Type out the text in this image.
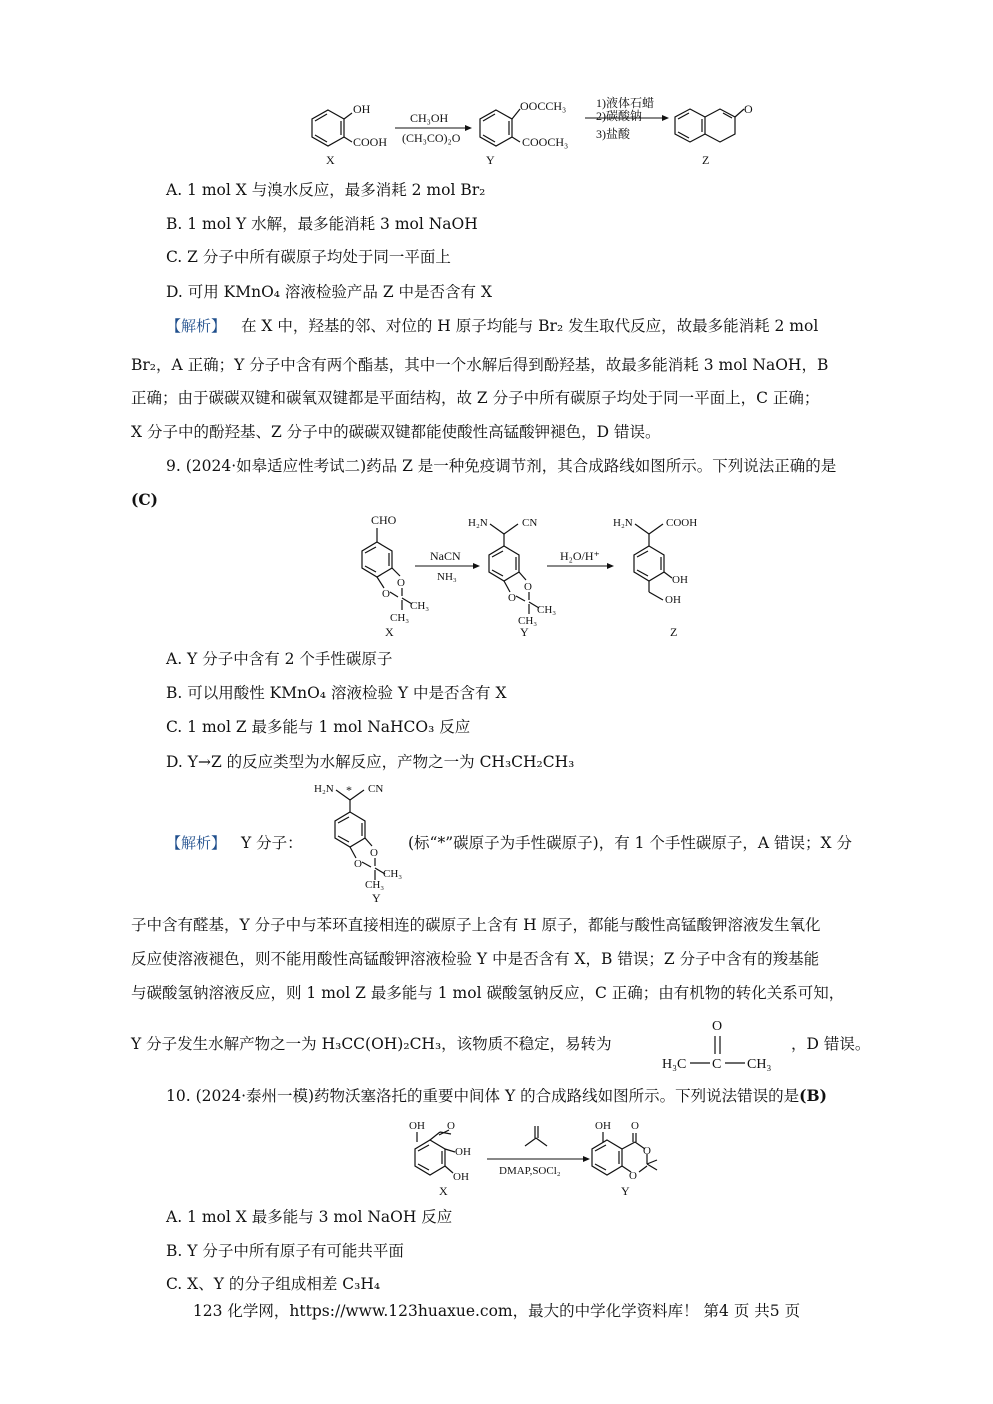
OH
COOH
X
CH₃OH
(CH₃CO)₂O
OOCCH₃
COOCH₃
Y
1)液体石蜡
2)碳酸钠
3)盐酸
O
Z
A. 1 mol X 与溴水反应，最多消耗 2 mol Br₂
B. 1 mol Y 水解，最多能消耗 3 mol NaOH
C. Z 分子中所有碳原子均处于同一平面上
D. 可用 KMnO₄ 溶液检验产品 Z 中是否含有 X
【解析】 在 X 中，羟基的邻、对位的 H 原子均能与 Br₂ 发生取代反应，故最多能消耗 2 mol
Br₂，A 正确；Y 分子中含有两个酯基，其中一个水解后得到酚羟基，故最多能消耗 3 mol NaOH，B
正确；由于碳碳双键和碳氧双键都是平面结构，故 Z 分子中所有碳原子均处于同一平面上，C 正确；
X 分子中的酚羟基、Z 分子中的碳碳双键都能使酸性高锰酸钾褪色，D 错误。
9. (2024·如皋适应性考试二)药品 Z 是一种免疫调节剂，其合成路线如图所示。下列说法正确的是
(C)
CHO
O
O
CH₃
CH₃
X
NaCN
NH₃
H₂N	CN
O
O
CH₃
CH₃
Y
H₂O/H⁺
H₂N	COOH
OH
OH
Z
A. Y 分子中含有 2 个手性碳原子
B. 可以用酸性 KMnO₄ 溶液检验 Y 中是否含有 X
C. 1 mol Z 最多能与 1 mol NaHCO₃ 反应
D. Y→Z 的反应类型为水解反应，产物之一为 CH₃CH₂CH₃
【解析】 Y 分子：
H₂N * CN
O
O
CH₃
CH₃
Y
(标“*”碳原子为手性碳原子)，有 1 个手性碳原子，A 错误；X 分
子中含有醛基，Y 分子中与苯环直接相连的碳原子上含有 H 原子，都能与酸性高锰酸钾溶液发生氧化
反应使溶液褪色，则不能用酸性高锰酸钾溶液检验 Y 中是否含有 X，B 错误；Z 分子中含有的羧基能
与碳酸氢钠溶液反应，则 1 mol Z 最多能与 1 mol 碳酸氢钠反应，C 正确；由有机物的转化关系可知，
Y 分子发生水解产物之一为 H₃CC(OH)₂CH₃，该物质不稳定，易转为
O
H₃C C CH₃
，D 错误。
10. (2024·泰州一模)药物沃塞洛托的重要中间体 Y 的合成路线如图所示。下列说法错误的是(B)
OH O
OH
OH
X
DMAP,SOCl₂
OH O
O
O
Y
A. 1 mol X 最多能与 3 mol NaOH 反应
B. Y 分子中所有原子有可能共平面
C. X、Y 的分子组成相差 C₃H₄
123 化学网，https://www.123huaxue.com，最大的中学化学资料库！ 第4 页 共5 页
